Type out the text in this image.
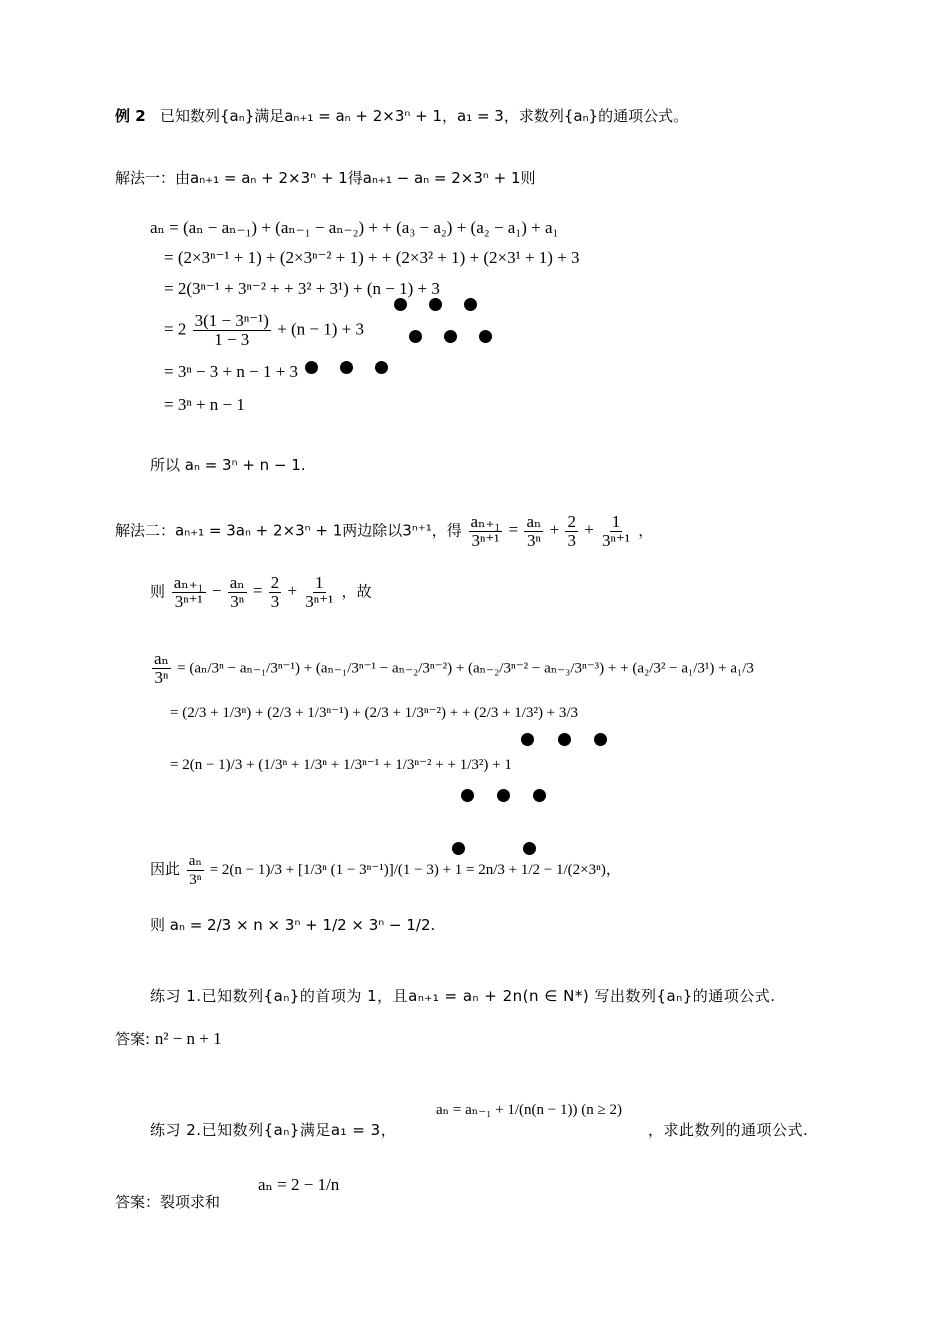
例 2 已知数列{aₙ}满足aₙ₊₁ = aₙ + 2×3ⁿ + 1，a₁ = 3，求数列{aₙ}的通项公式。
解法一：由aₙ₊₁ = aₙ + 2×3ⁿ + 1得aₙ₊₁ − aₙ = 2×3ⁿ + 1则
aₙ = (aₙ − aₙ₋₁) + (aₙ₋₁ − aₙ₋₂) + + (a₃ − a₂) + (a₂ − a₁) + a₁
= (2×3ⁿ⁻¹ + 1) + (2×3ⁿ⁻² + 1) + + (2×3² + 1) + (2×3¹ + 1) + 3
= 2(3ⁿ⁻¹ + 3ⁿ⁻² + + 3² + 3¹) + (n − 1) + 3
= $2 \frac{\text{3(1 − 3ⁿ⁻¹)}}{1 - 3} + (n - 1) + 3$
= 3ⁿ − 3 + n − 1 + 3
= 3ⁿ + n − 1
所以 aₙ = 3ⁿ + n − 1.
解法二：aₙ₊₁ = 3aₙ + 2×3ⁿ + 1两边除以3ⁿ⁺¹，得 $\frac{\text{aₙ₊₁}}{\text{3ⁿ⁺¹}} = \frac{\text{aₙ}}{\text{3ⁿ}} + \frac{2}{3} + \frac{1}{\text{3ⁿ⁺¹}}$ ，
则 $\frac{\text{aₙ₊₁}}{\text{3ⁿ⁺¹}} - \frac{\text{aₙ}}{\text{3ⁿ}} = \frac{2}{3} + \frac{1}{\text{3ⁿ⁺¹}}$ ，故
$\frac{\text{aₙ}}{\text{3ⁿ}} = (a_n/3^n - a_{n-1}/3^{n-1}) + (a_{n-1}/3^{n-1} - a_{n-2}/3^{n-2}) + (a_{n-2}/3^{n-2} - a_{n-3}/3^{n-3})$ + + (a₂/3² − a₁/3¹) + a₁/3
= (2/3 + 1/3ⁿ) + (2/3 + 1/3ⁿ⁻¹) + (2/3 + 1/3ⁿ⁻²) + + (2/3 + 1/3²) + 3/3
= 2(n − 1)/3 + (1/3ⁿ + 1/3ⁿ + 1/3ⁿ⁻¹ + 1/3ⁿ⁻² + + 1/3²) + 1
因此 $\frac{\text{aₙ}}{\text{3ⁿ}} = 2(n - 1)/3 + [1/3^n$ (1 − 3ⁿ⁻¹)]/(1 − 3) + 1 = 2n/3 + 1/2 − 1/(2×3ⁿ)，
则 aₙ = 2/3 × n × 3ⁿ + 1/2 × 3ⁿ − 1/2.
练习 1.已知数列{aₙ}的首项为 1，且aₙ₊₁ = aₙ + 2n(n ∈ N*) 写出数列{aₙ}的通项公式.
答案: n² − n + 1
练习 2.已知数列{aₙ}满足a₁ = 3，
aₙ = aₙ₋₁ + 1/(n(n − 1)) (n ≥ 2)
，求此数列的通项公式.
答案：裂项求和
aₙ = 2 − 1/n
